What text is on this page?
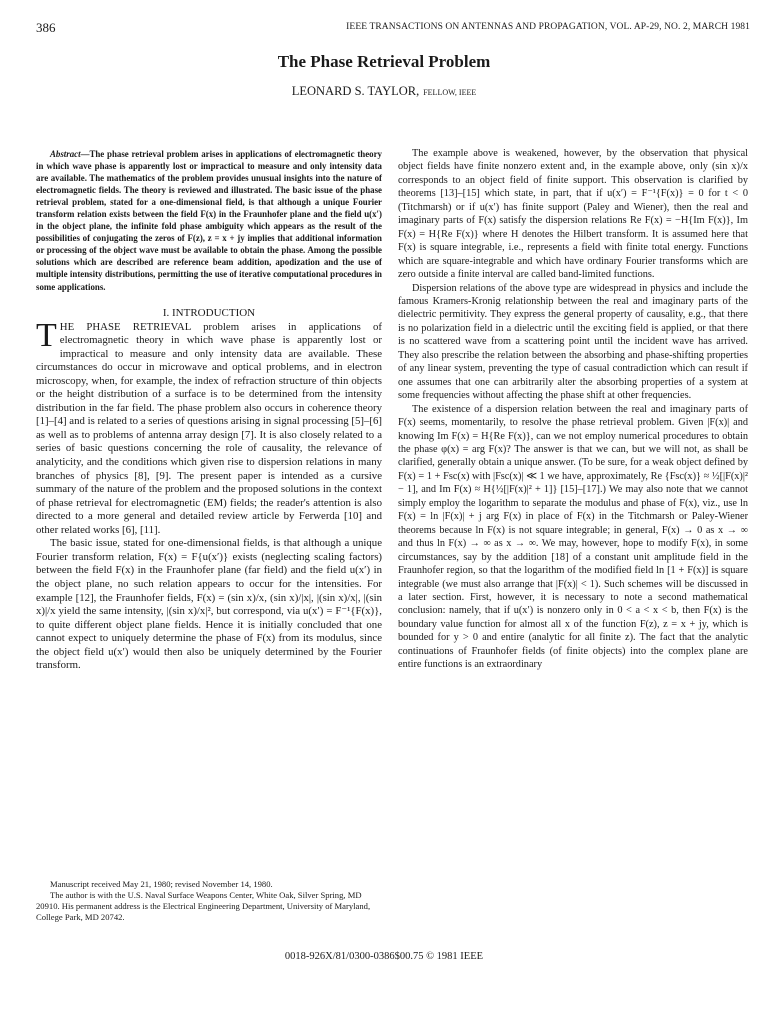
386	IEEE TRANSACTIONS ON ANTENNAS AND PROPAGATION, VOL. AP-29, NO. 2, MARCH 1981
The Phase Retrieval Problem
LEONARD S. TAYLOR, FELLOW, IEEE

Abstract—The phase retrieval problem arises in applications of electromagnetic theory in which wave phase is apparently lost or impractical to measure and only intensity data are available. The mathematics of the problem provides unusual insights into the nature of electromagnetic fields. The theory is reviewed and illustrated. The basic issue of the phase retrieval problem, stated for a one-dimensional field, is that although a unique Fourier transform relation exists between the field F(x) in the Fraunhofer plane and the field u(x′) in the object plane, the infinite fold phase ambiguity which appears as the result of the possibilities of conjugating the zeros of F(z), z = x + jy implies that additional information or processing of the object wave must be available to obtain the phase. Among the possible solutions which are described are reference beam addition, apodization and the use of multiple intensity distributions, permitting the use of iterative computational procedures in some applications.

I. INTRODUCTION

THE PHASE RETRIEVAL problem arises in applications of electromagnetic theory in which wave phase is apparently lost or impractical to measure and only intensity data are available. These circumstances do occur in microwave and optical problems, and in electron microscopy, when, for example, the index of refraction structure of thin objects or the height distribution of a surface is to be determined from the intensity distribution in the far field. The phase problem also occurs in coherence theory [1]–[4] and is related to a series of questions arising in signal processing [5]–[6] as well as to problems of antenna array design [7]. It is also closely related to a series of basic questions concerning the role of causality, the relevance of analyticity, and the conditions which given rise to dispersion relations in many branches of physics [8], [9]. The present paper is intended as a cursive summary of the nature of the problem and the proposed solutions in the context of phase retrieval for electromagnetic (EM) fields; the reader's attention is also directed to a more general and detailed review article by Ferwerda [10] and other related works [6], [11].

The basic issue, stated for one-dimensional fields, is that although a unique Fourier transform relation, F(x) = F{u(x′)} exists (neglecting scaling factors) between the field F(x) in the Fraunhofer plane (far field) and the field u(x′) in the object plane, no such relation appears to occur for the intensities. For example [12], the Fraunhofer fields, F(x) = (sin x)/x, (sin x)/|x|, |(sin x)/x|, |(sin x)|/x yield the same intensity, |(sin x)/x|², but correspond, via u(x′) = F⁻¹{F(x)}, to quite different object plane fields. Hence it is initially concluded that one cannot expect to uniquely determine the phase of F(x) from its modulus, since the object field u(x′) would then also be uniquely determined by the Fourier transform.

Manuscript received May 21, 1980; revised November 14, 1980.

The author is with the U.S. Naval Surface Weapons Center, White Oak, Silver Spring, MD 20910. His permanent address is the Electrical Engineering Department, University of Maryland, College Park, MD 20742.

The example above is weakened, however, by the observation that physical object fields have finite nonzero extent and, in the example above, only (sin x)/x corresponds to an object field of finite support. This observation is clarified by theorems [13]–[15] which state, in part, that if u(x′) = F⁻¹{F(x)} = 0 for t < 0 (Titchmarsh) or if u(x′) has finite support (Paley and Wiener), then the real and imaginary parts of F(x) satisfy the dispersion relations Re F(x) = −H{Im F(x)}, Im F(x) = H{Re F(x)} where H denotes the Hilbert transform. It is assumed here that F(x) is square integrable, i.e., represents a field with finite total energy. Functions which are square-integrable and which have ordinary Fourier transforms which are zero outside a finite interval are called band-limited functions.

Dispersion relations of the above type are widespread in physics and include the famous Kramers-Kronig relationship between the real and imaginary parts of the dielectric permitivity. They express the general property of causality, e.g., that there is no polarization field in a dielectric until the exciting field is applied, or that there is no scattered wave from a scattering point until the incident wave has arrived. They also prescribe the relation between the absorbing and phase-shifting properties of any linear system, preventing the type of casual contradiction which can result if one assumes that one can arbitrarily alter the absorbing properties of a system at some frequencies without affecting the phase shift at other frequencies.

The existence of a dispersion relation between the real and imaginary parts of F(x) seems, momentarily, to resolve the phase retrieval problem. Given |F(x)| and knowing Im F(x) = H{Re F(x)}, can we not employ numerical procedures to obtain the phase φ(x) = arg F(x)? The answer is that we can, but we will not, as shall be clarified, generally obtain a unique answer. (To be sure, for a weak object defined by F(x) = 1 + Fsc(x) with |Fsc(x)| ≪ 1 we have, approximately, Re {Fsc(x)} ≈ ½[|F(x)|² − 1], and Im F(x) ≈ H{½[|F(x)|² + 1]} [15]–[17].) We may also note that we cannot simply employ the logarithm to separate the modulus and phase of F(x), viz., use ln F(x) = ln |F(x)| + j arg F(x) in place of F(x) in the Titchmarsh or Paley-Wiener theorems because ln F(x) is not square integrable; in general, F(x) → 0 as x → ∞ and thus ln F(x) → ∞ as x → ∞. We may, however, hope to modify F(x), in some circumstances, say by the addition [18] of a constant unit amplitude field in the Fraunhofer region, so that the logarithm of the modified field ln [1 + F(x)] is square integrable (we must also arrange that |F(x)| < 1). Such schemes will be discussed in a later section. First, however, it is necessary to note a second mathematical conclusion: namely, that if u(x′) is nonzero only in 0 < a < x < b, then F(x) is the boundary value function for almost all x of the function F(z), z = x + jy, which is bounded for y > 0 and entire (analytic for all finite z). The fact that the analytic continuations of Fraunhofer fields (of finite objects) into the complex plane are entire functions is an extraordinary

0018-926X/81/0300-0386$00.75 © 1981 IEEE
